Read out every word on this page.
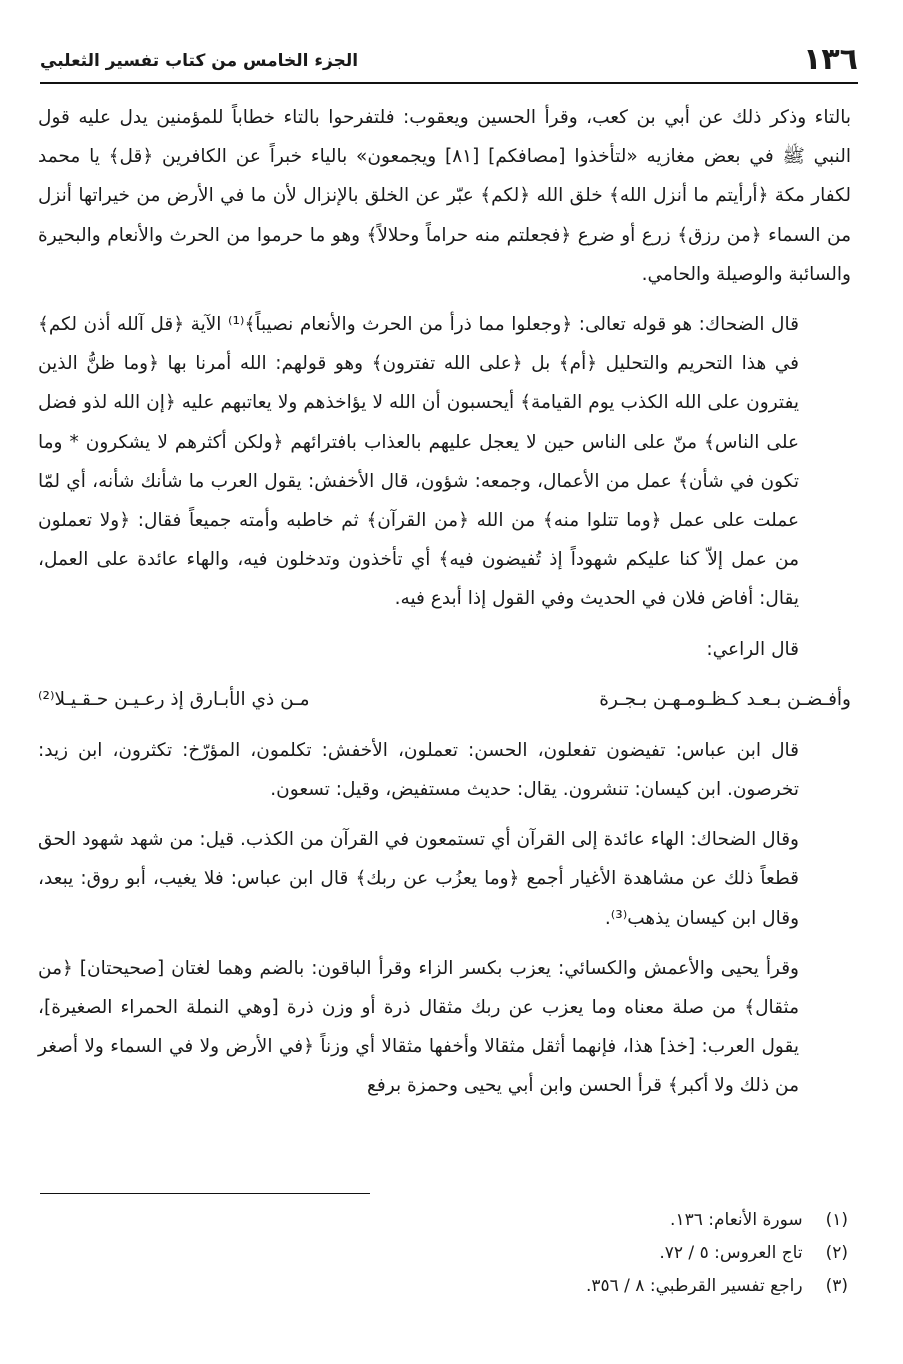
١٣٦
الجزء الخامس من كتاب تفسير الثعلبي

بالتاء وذكر ذلك عن أبي بن كعب، وقرأ الحسين ويعقوب: فلتفرحوا بالتاء خطاباً للمؤمنين يدل عليه قول النبي ﷺ في بعض مغازيه «لتأخذوا [مصافكم] [٨١] ويجمعون» بالياء خبراً عن الكافرين ﴿قل﴾ يا محمد لكفار مكة ﴿أرأيتم ما أنزل الله﴾ خلق الله ﴿لكم﴾ عبّر عن الخلق بالإنزال لأن ما في الأرض من خيراتها أنزل من السماء ﴿من رزق﴾ زرع أو ضرع ﴿فجعلتم منه حراماً وحلالاً﴾ وهو ما حرموا من الحرث والأنعام والبحيرة والسائبة والوصيلة والحامي.

قال الضحاك: هو قوله تعالى: ﴿وجعلوا مما ذرأ من الحرث والأنعام نصيباً﴾⁽¹⁾ الآية ﴿قل آلله أذن لكم﴾ في هذا التحريم والتحليل ﴿أم﴾ بل ﴿على الله تفترون﴾ وهو قولهم: الله أمرنا بها ﴿وما ظنُّ الذين يفترون على الله الكذب يوم القيامة﴾ أيحسبون أن الله لا يؤاخذهم ولا يعاتبهم عليه ﴿إن الله لذو فضل على الناس﴾ منّ على الناس حين لا يعجل عليهم بالعذاب بافترائهم ﴿ولكن أكثرهم لا يشكرون * وما تكون في شأن﴾ عمل من الأعمال، وجمعه: شؤون، قال الأخفش: يقول العرب ما شأنك شأنه، أي لمّا عملت على عمل ﴿وما تتلوا منه﴾ من الله ﴿من القرآن﴾ ثم خاطبه وأمته جميعاً فقال: ﴿ولا تعملون من عمل إلاّ كنا عليكم شهوداً إذ تُفيضون فيه﴾ أي تأخذون وتدخلون فيه، والهاء عائدة على العمل، يقال: أفاض فلان في الحديث وفي القول إذا أبدع فيه.

قال الراعي:

وأفـضـن بـعـد كـظـومـهـن بـجـرة
مـن ذي الأبـارق إذ رعـيـن حـقـيـلا⁽²⁾

قال ابن عباس: تفيضون تفعلون، الحسن: تعملون، الأخفش: تكلمون، المؤرّخ: تكثرون، ابن زيد: تخرصون. ابن كيسان: تنشرون. يقال: حديث مستفيض، وقيل: تسعون.

وقال الضحاك: الهاء عائدة إلى القرآن أي تستمعون في القرآن من الكذب. قيل: من شهد شهود الحق قطعاً ذلك عن مشاهدة الأغيار أجمع ﴿وما يعزُب عن ربك﴾ قال ابن عباس: فلا يغيب، أبو روق: يبعد، وقال ابن كيسان يذهب⁽³⁾.

وقرأ يحيى والأعمش والكسائي: يعزب بكسر الزاء وقرأ الباقون: بالضم وهما لغتان [صحيحتان] ﴿من مثقال﴾ من صلة معناه وما يعزب عن ربك مثقال ذرة أو وزن ذرة [وهي النملة الحمراء الصغيرة]، يقول العرب: [خذ] هذا، فإنهما أثقل مثقالا وأخفها مثقالا أي وزناً ﴿في الأرض ولا في السماء ولا أصغر من ذلك ولا أكبر﴾ قرأ الحسن وابن أبي يحيى وحمزة برفع

(١) سورة الأنعام: ١٣٦.
(٢) تاج العروس: ٥ / ٧٢.
(٣) راجع تفسير القرطبي: ٨ / ٣٥٦.
